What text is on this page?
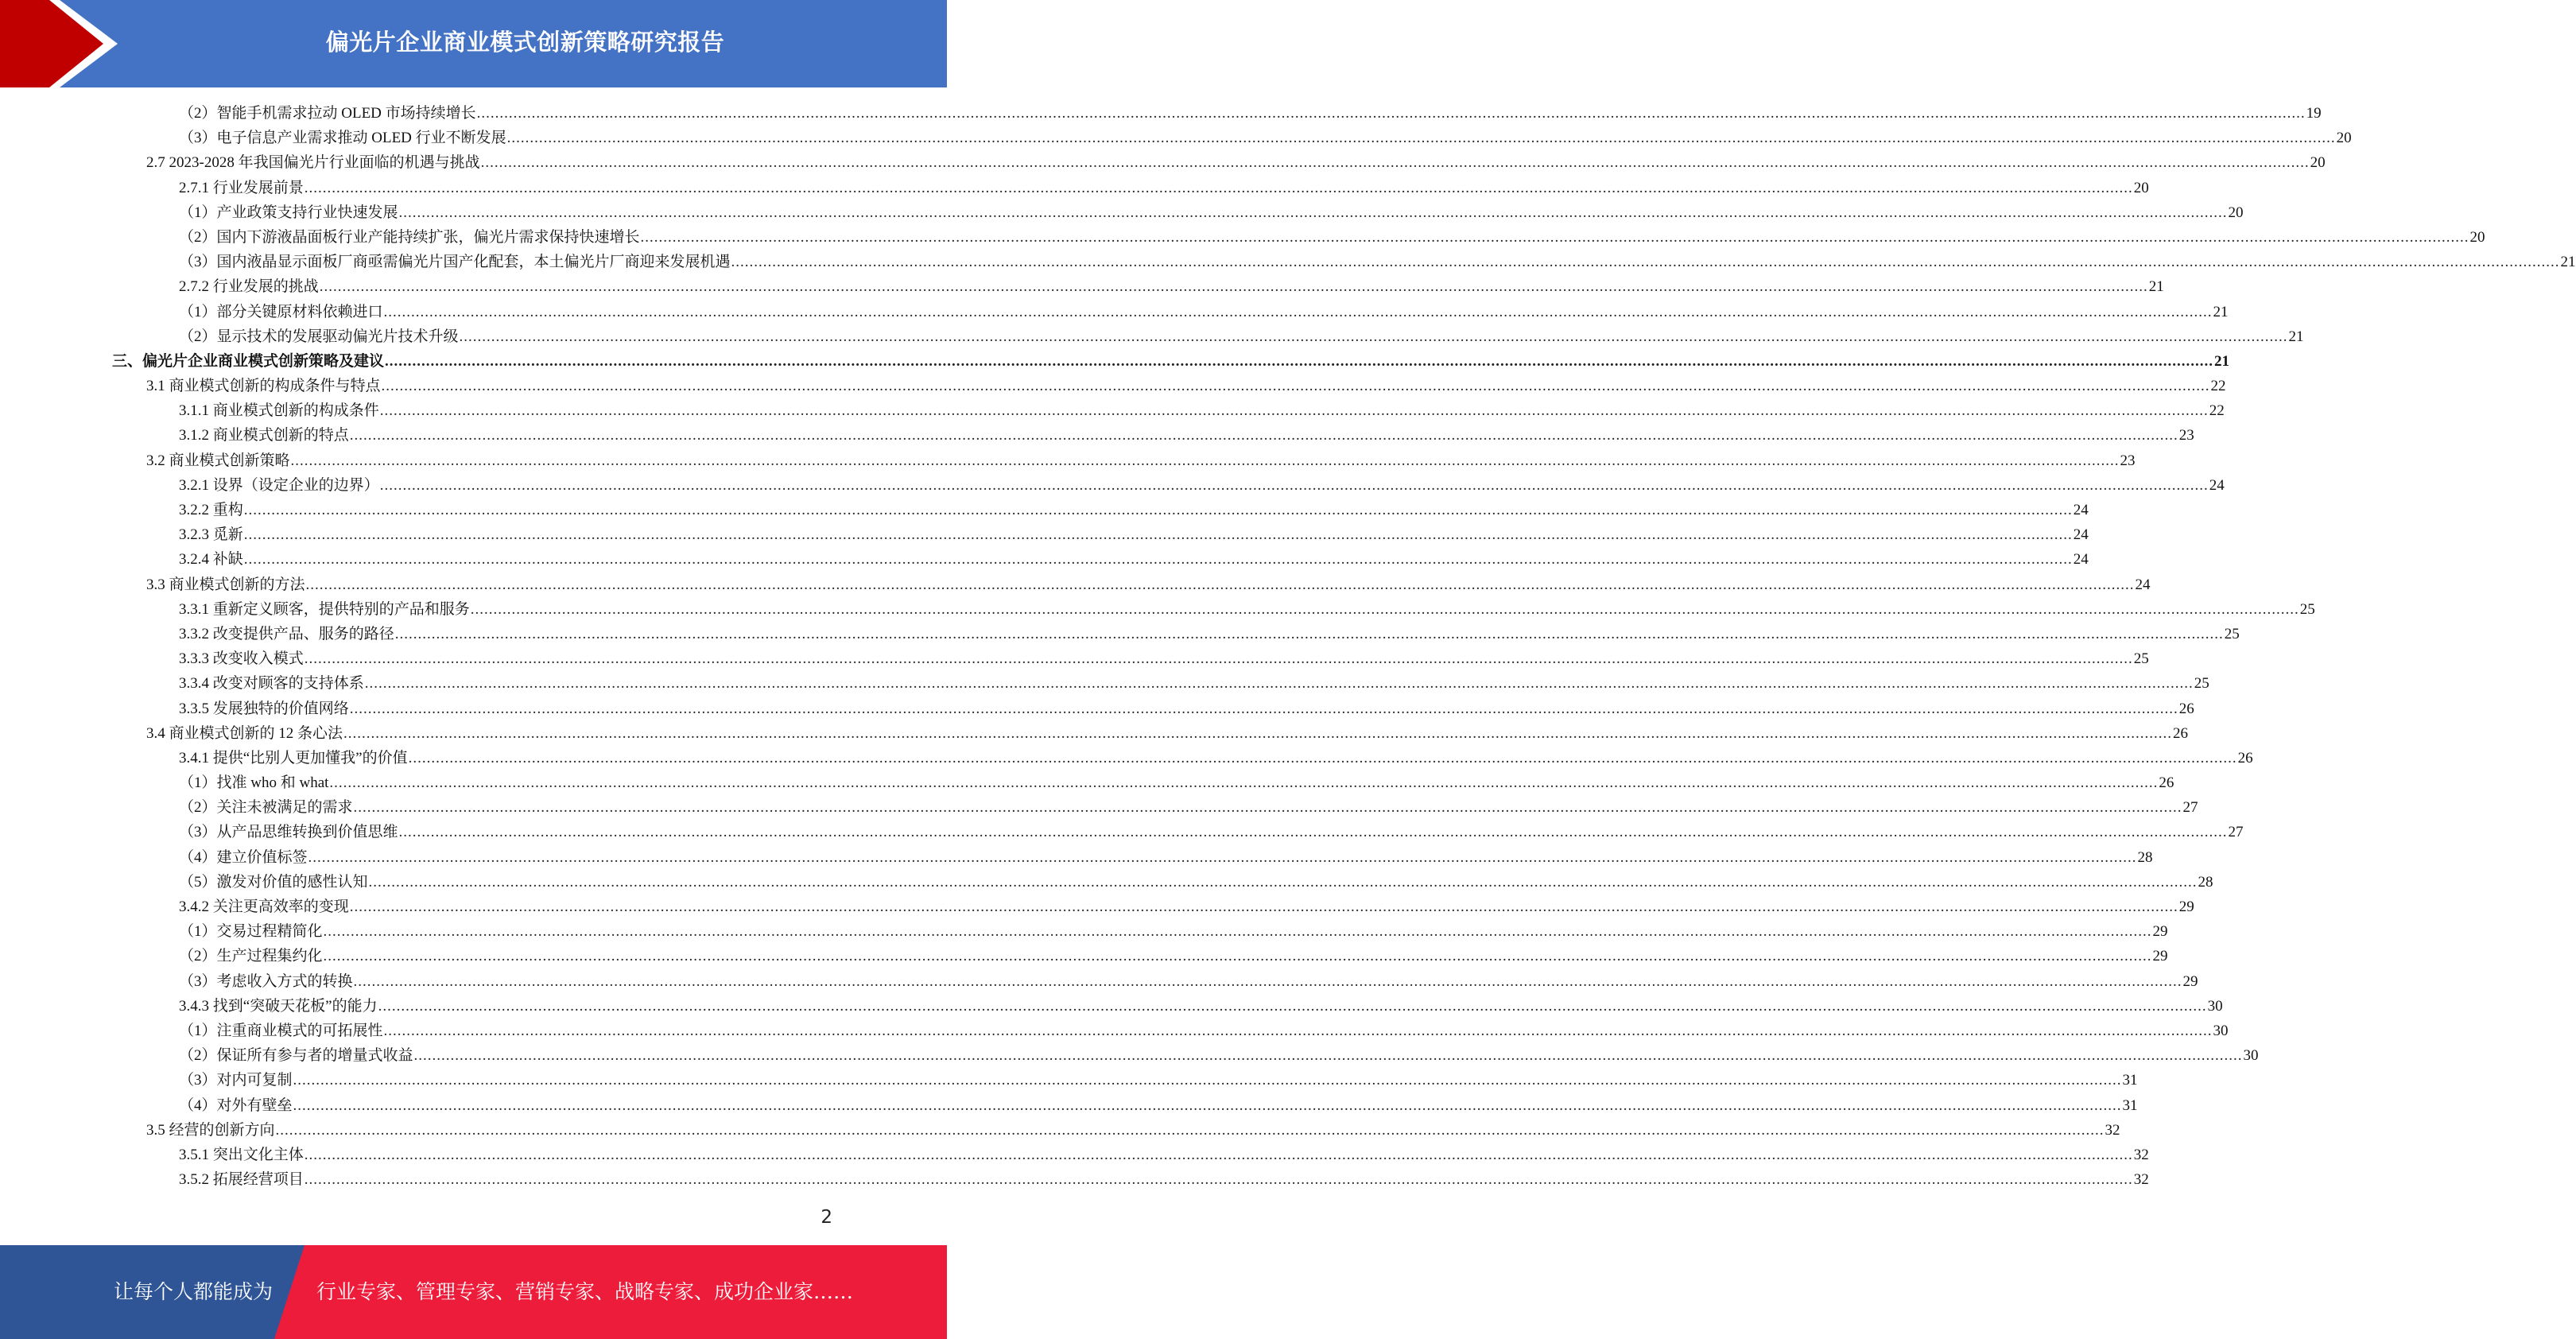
偏光片企业商业模式创新策略研究报告
（2）智能手机需求拉动 OLED 市场持续增长 ................................................................................................................................................................................................................................................................................................................................................................................................................ 19
（3）电子信息产业需求推动 OLED 行业不断发展 ................................................................................................................................................................................................................................................................................................................................................................................................................ 20
2.7 2023-2028 年我国偏光片行业面临的机遇与挑战 ................................................................................................................................................................................................................................................................................................................................................................................................................ 20
2.7.1 行业发展前景 ................................................................................................................................................................................................................................................................................................................................................................................................................ 20
（1）产业政策支持行业快速发展 ................................................................................................................................................................................................................................................................................................................................................................................................................ 20
（2）国内下游液晶面板行业产能持续扩张，偏光片需求保持快速增长 ................................................................................................................................................................................................................................................................................................................................................................................................................ 20
（3）国内液晶显示面板厂商亟需偏光片国产化配套，本土偏光片厂商迎来发展机遇 ................................................................................................................................................................................................................................................................................................................................................................................................................ 21
2.7.2 行业发展的挑战 ................................................................................................................................................................................................................................................................................................................................................................................................................ 21
（1）部分关键原材料依赖进口 ................................................................................................................................................................................................................................................................................................................................................................................................................ 21
（2）显示技术的发展驱动偏光片技术升级 ................................................................................................................................................................................................................................................................................................................................................................................................................ 21
三、偏光片企业商业模式创新策略及建议 ................................................................................................................................................................................................................................................................................................................................................................................................................ 21
3.1 商业模式创新的构成条件与特点 ................................................................................................................................................................................................................................................................................................................................................................................................................ 22
3.1.1 商业模式创新的构成条件 ................................................................................................................................................................................................................................................................................................................................................................................................................ 22
3.1.2 商业模式创新的特点 ................................................................................................................................................................................................................................................................................................................................................................................................................ 23
3.2 商业模式创新策略 ................................................................................................................................................................................................................................................................................................................................................................................................................ 23
3.2.1 设界（设定企业的边界） ................................................................................................................................................................................................................................................................................................................................................................................................................ 24
3.2.2 重构 ................................................................................................................................................................................................................................................................................................................................................................................................................ 24
3.2.3 觅新 ................................................................................................................................................................................................................................................................................................................................................................................................................ 24
3.2.4 补缺 ................................................................................................................................................................................................................................................................................................................................................................................................................ 24
3.3 商业模式创新的方法 ................................................................................................................................................................................................................................................................................................................................................................................................................ 24
3.3.1 重新定义顾客，提供特别的产品和服务 ................................................................................................................................................................................................................................................................................................................................................................................................................ 25
3.3.2 改变提供产品、服务的路径 ................................................................................................................................................................................................................................................................................................................................................................................................................ 25
3.3.3 改变收入模式 ................................................................................................................................................................................................................................................................................................................................................................................................................ 25
3.3.4 改变对顾客的支持体系 ................................................................................................................................................................................................................................................................................................................................................................................................................ 25
3.3.5 发展独特的价值网络 ................................................................................................................................................................................................................................................................................................................................................................................................................ 26
3.4 商业模式创新的 12 条心法 ................................................................................................................................................................................................................................................................................................................................................................................................................ 26
3.4.1 提供“比别人更加懂我”的价值 ................................................................................................................................................................................................................................................................................................................................................................................................................ 26
（1）找准 who 和 what ................................................................................................................................................................................................................................................................................................................................................................................................................ 26
（2）关注未被满足的需求 ................................................................................................................................................................................................................................................................................................................................................................................................................ 27
（3）从产品思维转换到价值思维 ................................................................................................................................................................................................................................................................................................................................................................................................................ 27
（4）建立价值标签 ................................................................................................................................................................................................................................................................................................................................................................................................................ 28
（5）激发对价值的感性认知 ................................................................................................................................................................................................................................................................................................................................................................................................................ 28
3.4.2 关注更高效率的变现 ................................................................................................................................................................................................................................................................................................................................................................................................................ 29
（1）交易过程精简化 ................................................................................................................................................................................................................................................................................................................................................................................................................ 29
（2）生产过程集约化 ................................................................................................................................................................................................................................................................................................................................................................................................................ 29
（3）考虑收入方式的转换 ................................................................................................................................................................................................................................................................................................................................................................................................................ 29
3.4.3 找到“突破天花板”的能力 ................................................................................................................................................................................................................................................................................................................................................................................................................ 30
（1）注重商业模式的可拓展性 ................................................................................................................................................................................................................................................................................................................................................................................................................ 30
（2）保证所有参与者的增量式收益 ................................................................................................................................................................................................................................................................................................................................................................................................................ 30
（3）对内可复制 ................................................................................................................................................................................................................................................................................................................................................................................................................ 31
（4）对外有壁垒 ................................................................................................................................................................................................................................................................................................................................................................................................................ 31
3.5 经营的创新方向 ................................................................................................................................................................................................................................................................................................................................................................................................................ 32
3.5.1 突出文化主体 ................................................................................................................................................................................................................................................................................................................................................................................................................ 32
3.5.2 拓展经营项目 ................................................................................................................................................................................................................................................................................................................................................................................................................ 32
2
让每个人都能成为 行业专家、管理专家、营销专家、战略专家、成功企业家……
